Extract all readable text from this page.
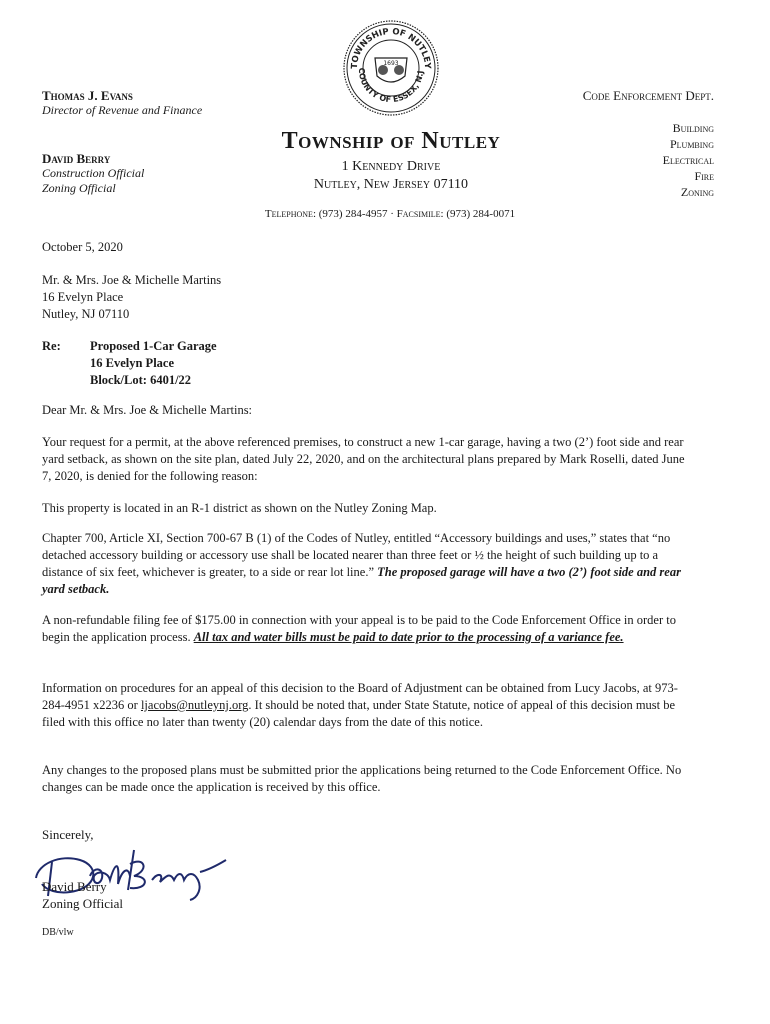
TOWNSHIP OF NUTLEY
COUNTY OF ESSEX, N.J
1693
Thomas J. Evans
Director of Revenue and Finance
David Berry
Construction Official
Zoning Official
Code Enforcement Dept.
Building
Plumbing
Electrical
Fire
Zoning
Township of Nutley
1 Kennedy Drive
Nutley, New Jersey 07110
Telephone: (973) 284-4957 · Facsimile: (973) 284-0071
October 5, 2020
Mr. & Mrs. Joe & Michelle Martins
16 Evelyn Place
Nutley, NJ 07110
Re:	Proposed 1-Car Garage
16 Evelyn Place
Block/Lot: 6401/22
Dear Mr. & Mrs. Joe & Michelle Martins:
Your request for a permit, at the above referenced premises, to construct a new 1-car garage, having a two (2’) foot side and rear yard setback, as shown on the site plan, dated July 22, 2020, and on the architectural plans prepared by Mark Roselli, dated June 7, 2020, is denied for the following reason:
This property is located in an R-1 district as shown on the Nutley Zoning Map.
Chapter 700, Article XI, Section 700-67 B (1) of the Codes of Nutley, entitled “Accessory buildings and uses,” states that “no detached accessory building or accessory use shall be located nearer than three feet or ½ the height of such building up to a distance of six feet, whichever is greater, to a side or rear lot line.” The proposed garage will have a two (2’) foot side and rear yard setback.
A non-refundable filing fee of $175.00 in connection with your appeal is to be paid to the Code Enforcement Office in order to begin the application process. All tax and water bills must be paid to date prior to the processing of a variance fee.
Information on procedures for an appeal of this decision to the Board of Adjustment can be obtained from Lucy Jacobs, at 973-284-4951 x2236 or ljacobs@nutleynj.org. It should be noted that, under State Statute, notice of appeal of this decision must be filed with this office no later than twenty (20) calendar days from the date of this notice.
Any changes to the proposed plans must be submitted prior the applications being returned to the Code Enforcement Office. No changes can be made once the application is received by this office.
Sincerely,
David Berry
Zoning Official
DB/vlw
